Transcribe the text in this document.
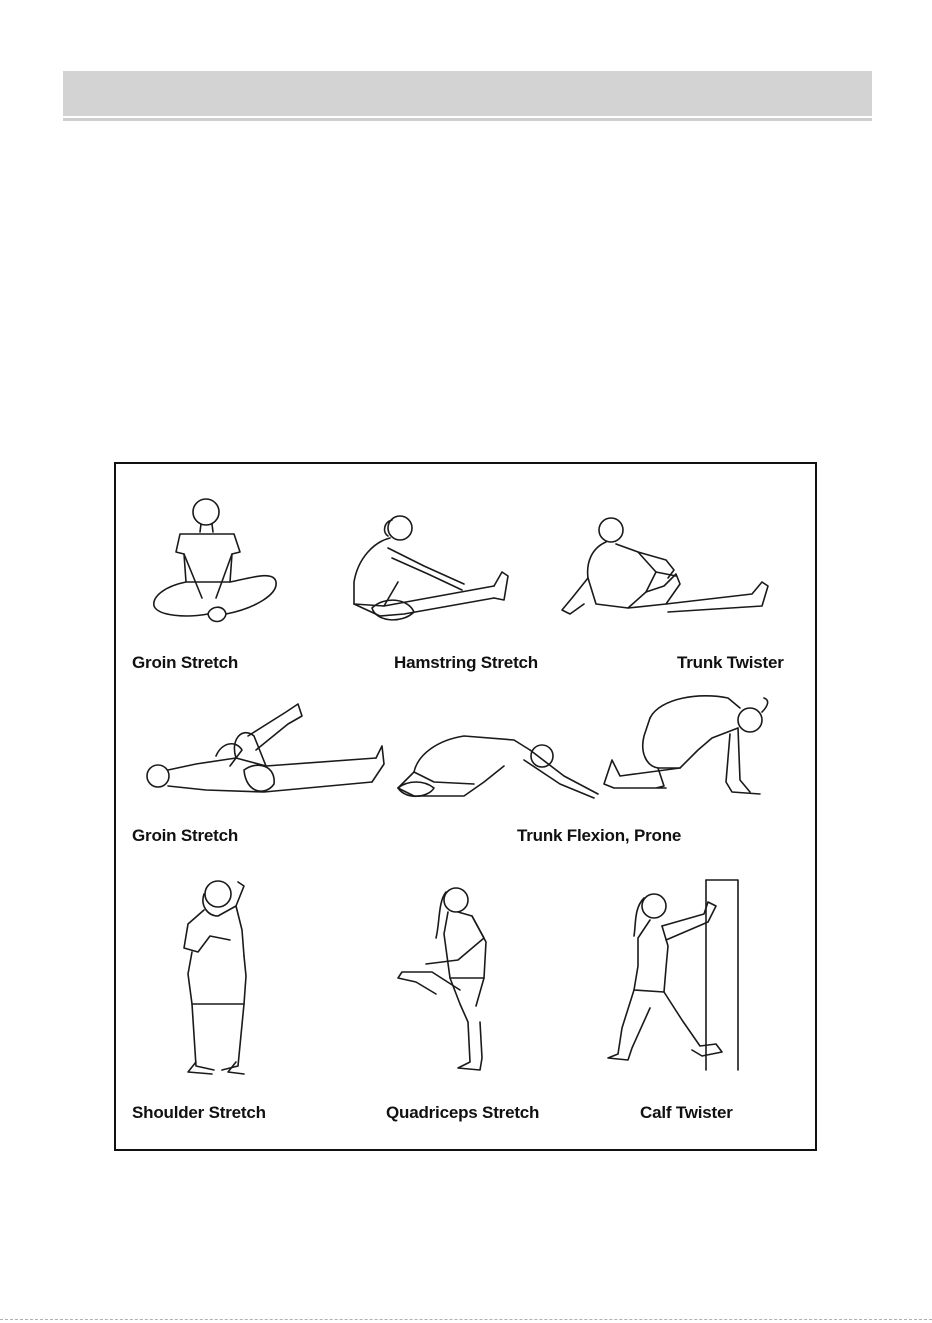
Groin Stretch	Hamstring Stretch	Trunk Twister
Groin Stretch	Trunk Flexion, Prone
Shoulder Stretch	Quadriceps Stretch	Calf Twister
